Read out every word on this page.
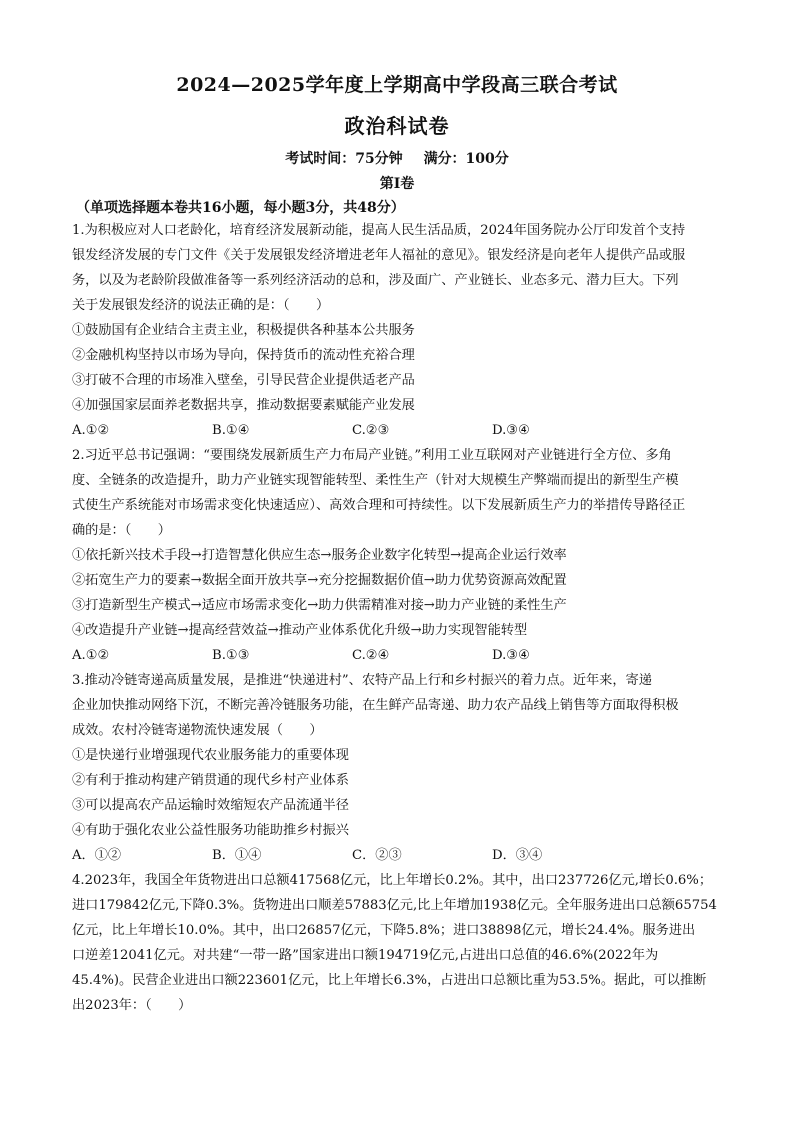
2024—2025学年度上学期高中学段高三联合考试
政治科试卷
考试时间：75分钟 满分：100分
第Ⅰ卷
（单项选择题本卷共16小题，每小题3分，共48分）

1.为积极应对人口老龄化，培育经济发展新动能，提高人民生活品质，2024年国务院办公厅印发首个支持

银发经济发展的专门文件《关于发展银发经济增进老年人福祉的意见》。银发经济是向老年人提供产品或服

务，以及为老龄阶段做准备等一系列经济活动的总和，涉及面广、产业链长、业态多元、潜力巨大。下列

关于发展银发经济的说法正确的是：（　　）

①鼓励国有企业结合主责主业，积极提供各种基本公共服务

②金融机构坚持以市场为导向，保持货币的流动性充裕合理

③打破不合理的市场准入壁垒，引导民营企业提供适老产品

④加强国家层面养老数据共享，推动数据要素赋能产业发展

A.①②	B.①④	C.②③	D.③④

2.习近平总书记强调：“要围绕发展新质生产力布局产业链。”利用工业互联网对产业链进行全方位、多角

度、全链条的改造提升，助力产业链实现智能转型、柔性生产（针对大规模生产弊端而提出的新型生产模

式使生产系统能对市场需求变化快速适应）、高效合理和可持续性。以下发展新质生产力的举措传导路径正

确的是：（　　）

①依托新兴技术手段→打造智慧化供应生态→服务企业数字化转型→提高企业运行效率

②拓宽生产力的要素→数据全面开放共享→充分挖掘数据价值→助力优势资源高效配置

③打造新型生产模式→适应市场需求变化→助力供需精准对接→助力产业链的柔性生产

④改造提升产业链→提高经营效益→推动产业体系优化升级→助力实现智能转型

A.①②	B.①③	C.②④	D.③④

3.推动冷链寄递高质量发展，是推进“快递进村”、农特产品上行和乡村振兴的着力点。近年来，寄递

企业加快推动网络下沉，不断完善冷链服务功能，在生鲜产品寄递、助力农产品线上销售等方面取得积极

成效。农村冷链寄递物流快速发展（　　）

①是快递行业增强现代农业服务能力的重要体现

②有利于推动构建产销贯通的现代乡村产业体系

③可以提高农产品运输时效缩短农产品流通半径

④有助于强化农业公益性服务功能助推乡村振兴

A．①②	B．①④	C．②③	D．③④

4.2023年，我国全年货物进出口总额417568亿元，比上年增长0.2%。其中，出口237726亿元,增长0.6%；

进口179842亿元,下降0.3%。货物进出口顺差57883亿元,比上年增加1938亿元。全年服务进出口总额65754

亿元，比上年增长10.0%。其中，出口26857亿元，下降5.8%；进口38898亿元，增长24.4%。服务进出

口逆差12041亿元。对共建“一带一路”国家进出口额194719亿元,占进出口总值的46.6%(2022年为

45.4%)。民营企业进出口额223601亿元，比上年增长6.3%，占进出口总额比重为53.5%。据此，可以推断

出2023年：（　　）
